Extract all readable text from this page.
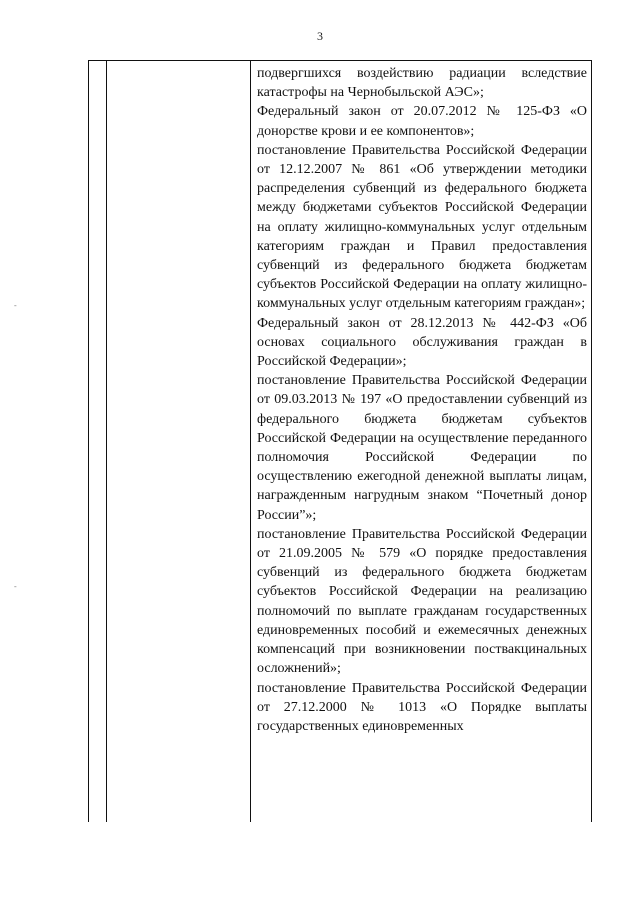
3
-
-

подвергшихся воздействию радиации вследствие катастрофы на Чернобыльской АЭС»;

Федеральный закон от 20.07.2012 № 125-ФЗ «О донорстве крови и ее компонентов»;

постановление Правительства Российской Федерации от 12.12.2007 № 861 «Об утверждении методики распределения субвенций из федерального бюджета между бюджетами субъектов Российской Федерации на оплату жилищно-коммунальных услуг отдельным категориям граждан и Правил предоставления субвенций из федерального бюджета бюджетам субъектов Российской Федерации на оплату жилищно-коммунальных услуг отдельным категориям граждан»;

Федеральный закон от 28.12.2013 № 442-ФЗ «Об основах социального обслуживания граждан в Российской Федерации»;

постановление Правительства Российской Федерации от 09.03.2013 № 197 «О предоставлении субвенций из федерального бюджета бюджетам субъектов Российской Федерации на осуществление переданного полномочия Российской Федерации по осуществлению ежегодной денежной выплаты лицам, награжденным нагрудным знаком “Почетный донор России”»;

постановление Правительства Российской Федерации от 21.09.2005 № 579 «О порядке предоставления субвенций из федерального бюджета бюджетам субъектов Российской Федерации на реализацию полномочий по выплате гражданам государственных единовременных пособий и ежемесячных денежных компенсаций при возникновении поствакцинальных осложнений»;

постановление Правительства Российской Федерации от 27.12.2000 № 1013 «О Порядке выплаты государственных единовременных
